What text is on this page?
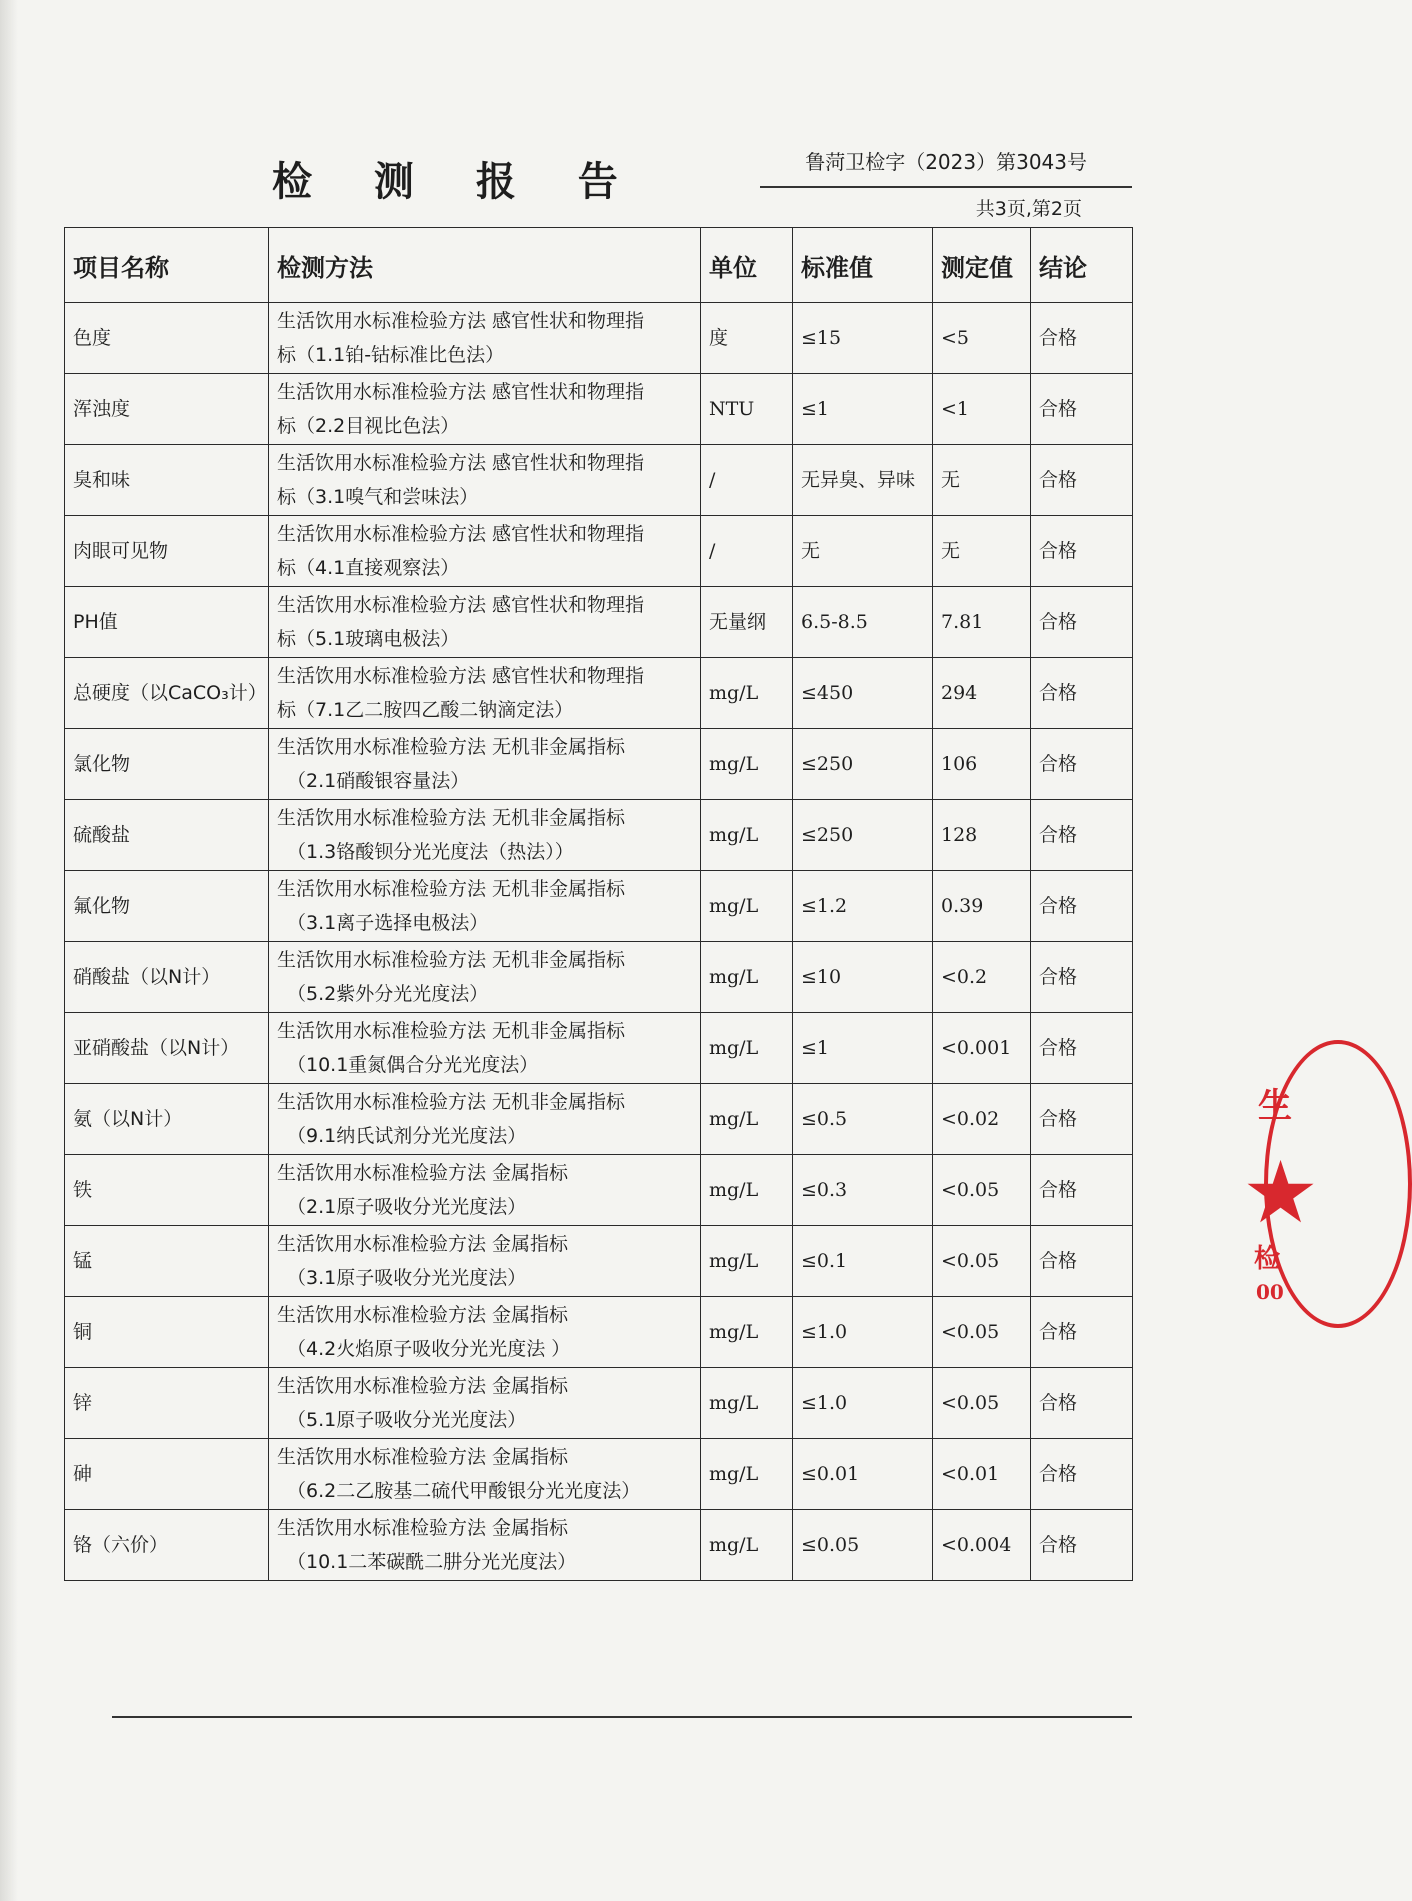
检 测 报 告	鲁菏卫检字（2023）第3043号
共3页,第2页
项目名称	检测方法	单位	标准值	测定值	结论
色度	生活饮用水标准检验方法 感官性状和物理指
标（1.1铂-钴标准比色法）	度	≤15	<5	合格
浑浊度	生活饮用水标准检验方法 感官性状和物理指
标（2.2目视比色法）	NTU	≤1	<1	合格
臭和味	生活饮用水标准检验方法 感官性状和物理指
标（3.1嗅气和尝味法）	/	无异臭、异味	无	合格
肉眼可见物	生活饮用水标准检验方法 感官性状和物理指
标（4.1直接观察法）	/	无	无	合格
PH值	生活饮用水标准检验方法 感官性状和物理指
标（5.1玻璃电极法）	无量纲	6.5-8.5	7.81	合格
总硬度（以CaCO₃计）	生活饮用水标准检验方法 感官性状和物理指
标（7.1乙二胺四乙酸二钠滴定法）	mg/L	≤450	294	合格
氯化物	生活饮用水标准检验方法 无机非金属指标
（2.1硝酸银容量法）	mg/L	≤250	106	合格
硫酸盐	生活饮用水标准检验方法 无机非金属指标
（1.3铬酸钡分光光度法（热法））	mg/L	≤250	128	合格
氟化物	生活饮用水标准检验方法 无机非金属指标
（3.1离子选择电极法）	mg/L	≤1.2	0.39	合格
硝酸盐（以N计）	生活饮用水标准检验方法 无机非金属指标
（5.2紫外分光光度法）	mg/L	≤10	<0.2	合格
亚硝酸盐（以N计）	生活饮用水标准检验方法 无机非金属指标
（10.1重氮偶合分光光度法）	mg/L	≤1	<0.001	合格
氨（以N计）	生活饮用水标准检验方法 无机非金属指标
（9.1纳氏试剂分光光度法）	mg/L	≤0.5	<0.02	合格
铁	生活饮用水标准检验方法 金属指标
（2.1原子吸收分光光度法）	mg/L	≤0.3	<0.05	合格
锰	生活饮用水标准检验方法 金属指标
（3.1原子吸收分光光度法）	mg/L	≤0.1	<0.05	合格
铜	生活饮用水标准检验方法 金属指标
（4.2火焰原子吸收分光光度法 ）	mg/L	≤1.0	<0.05	合格
锌	生活饮用水标准检验方法 金属指标
（5.1原子吸收分光光度法）	mg/L	≤1.0	<0.05	合格
砷	生活饮用水标准检验方法 金属指标
（6.2二乙胺基二硫代甲酸银分光光度法）	mg/L	≤0.01	<0.01	合格
铬（六价）	生活饮用水标准检验方法 金属指标
（10.1二苯碳酰二肼分光光度法）	mg/L	≤0.05	<0.004	合格
★
生
检
00
